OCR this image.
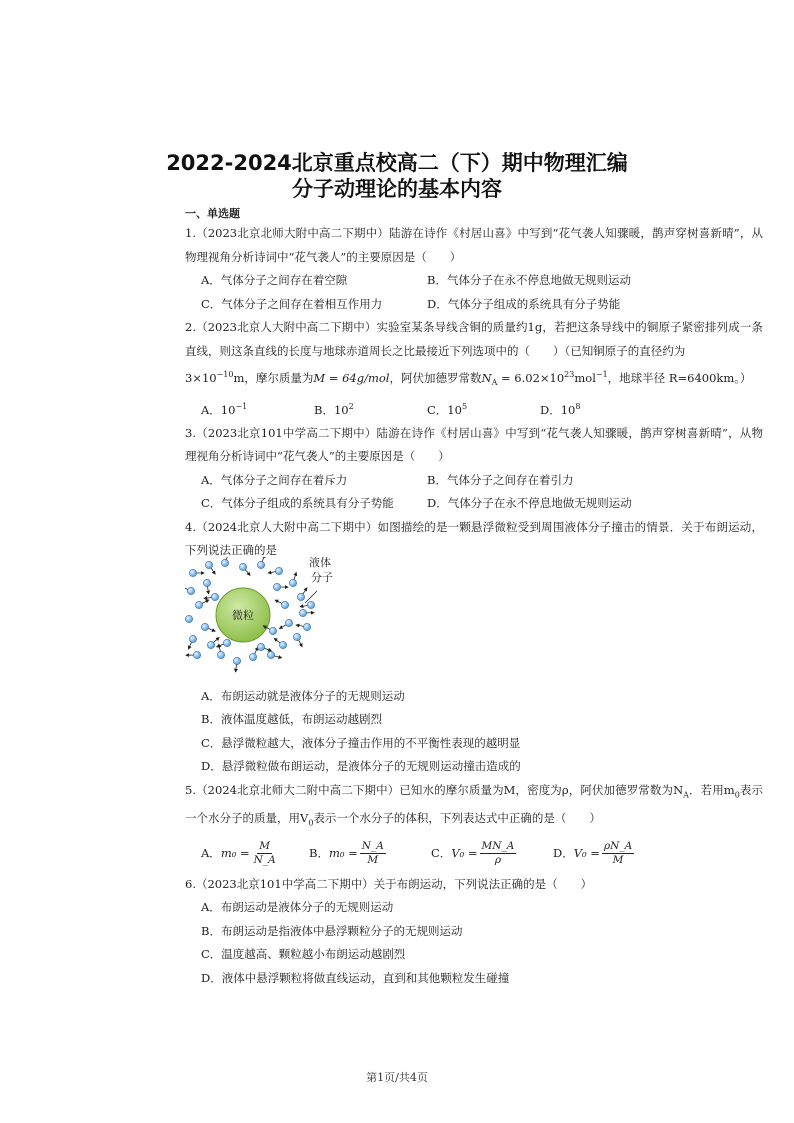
2022-2024北京重点校高二（下）期中物理汇编
分子动理论的基本内容
一、单选题
1.（2023北京北师大附中高二下期中）陆游在诗作《村居山喜》中写到“花气袭人知骤暖，鹊声穿树喜新晴”，从物理视角分析诗词中“花气袭人”的主要原因是（　　）
A．气体分子之间存在着空隙	B．气体分子在永不停息地做无规则运动
C．气体分子之间存在着相互作用力	D．气体分子组成的系统具有分子势能
2.（2023北京人大附中高二下期中）实验室某条导线含铜的质量约1g，若把这条导线中的铜原子紧密排列成一条直线，则这条直线的长度与地球赤道周长之比最接近下列选项中的（　　）（已知铜原子的直径约为
$3\times 10^{-10}m$，摩尔质量为M = 64g/mol，阿伏加德罗常数$N_A = 6.02\times 10^{23}mol^{-1}$，地球半径 R=6400km。）
A．$10^{-1}$	B．$10^2$	C．$10^5$	D．$10^8$
3.（2023北京101中学高二下期中）陆游在诗作《村居山喜》中写到“花气袭人知骤暖，鹊声穿树喜新晴”，从物理视角分析诗词中“花气袭人”的主要原因是（　　）
A．气体分子之间存在着斥力	B．气体分子之间存在着引力
C．气体分子组成的系统具有分子势能	D．气体分子在永不停息地做无规则运动
4.（2024北京人大附中高二下期中）如图描绘的是一颗悬浮微粒受到周围液体分子撞击的情景．关于布朗运动，下列说法正确的是
微粒
液体
分子
A．布朗运动就是液体分子的无规则运动
B．液体温度越低，布朗运动越剧烈
C．悬浮微粒越大，液体分子撞击作用的不平衡性表现的越明显
D．悬浮微粒做布朗运动，是液体分子的无规则运动撞击造成的
5.（2024北京北师大二附中高二下期中）已知水的摩尔质量为M，密度为ρ，阿伏加德罗常数为$N_A$．若用$m_0$表示一个水分子的质量，用$V_0$表示一个水分子的体积，下列表达式中正确的是（　　）
A． $m_0 = \frac{M}{N\_A}$	B． $m_0 = \frac{N\_A}{M}$	C． $V_0 = \frac{MN\_A}{\rho}$	D． $V_0 = \frac{\rho N\_A}{M}$
6.（2023北京101中学高二下期中）关于布朗运动，下列说法正确的是（　　）
A．布朗运动是液体分子的无规则运动
B．布朗运动是指液体中悬浮颗粒分子的无规则运动
C．温度越高、颗粒越小布朗运动越剧烈
D．液体中悬浮颗粒将做直线运动，直到和其他颗粒发生碰撞
第1页/共4页
